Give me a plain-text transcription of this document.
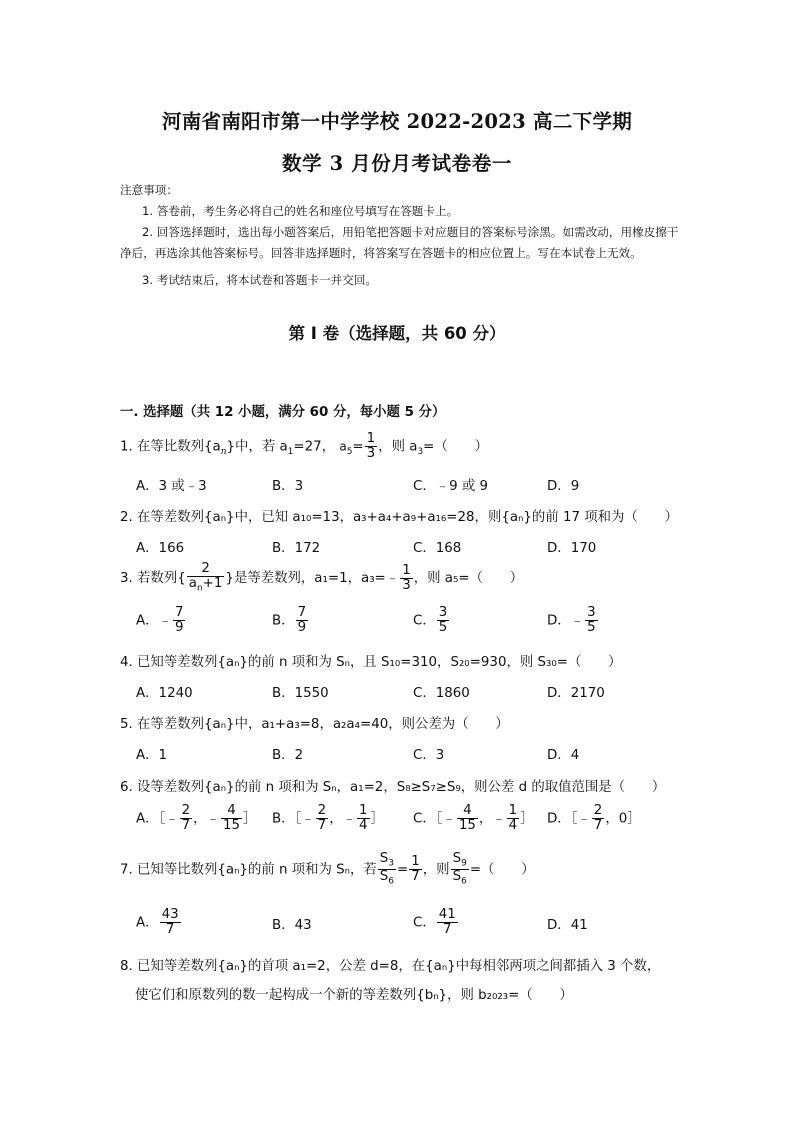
河南省南阳市第一中学学校 2022-2023 高二下学期
数学 3 月份月考试卷卷一
注意事项：
1. 答卷前，考生务必将自己的姓名和座位号填写在答题卡上。
2. 回答选择题时，选出每小题答案后，用铅笔把答题卡对应题目的答案标号涂黑。如需改动，用橡皮擦干净后，再选涂其他答案标号。回答非选择题时，将答案写在答题卡的相应位置上。写在本试卷上无效。
3. 考试结束后，将本试卷和答题卡一并交回。
第 I 卷（选择题，共 60 分）
一. 选择题（共 12 小题，满分 60 分，每小题 5 分）
1. 在等比数列$\{a_n\}$中，若 $a_1=27$， $a_5= \frac{1}{3}$ ，则 $a_3=$（　　）
A．3 或﹣3	B．3	C．﹣9 或 9	D．9
2. 在等差数列{aₙ}中，已知 a₁₀=13，a₃+a₄+a₉+a₁₆=28，则{aₙ}的前 17 项和为（　　）
A．166	B．172	C．168	D．170
3. 若数列{ $\frac{2}{a_n+1}$ }是等差数列，a₁=1，a₃=﹣ $\frac{1}{3}$ ，则 a₅=（　　）
A．﹣ $\frac{7}{9}$	B． $\frac{7}{9}$	C． $\frac{3}{5}$	D．﹣ $\frac{3}{5}$
4. 已知等差数列{aₙ}的前 n 项和为 Sₙ，且 S₁₀=310，S₂₀=930，则 S₃₀=（　　）
A．1240	B．1550	C．1860	D．2170
5. 在等差数列{aₙ}中，a₁+a₃=8，a₂a₄=40，则公差为（　　）
A．1	B．2	C．3	D．4
6. 设等差数列{aₙ}的前 n 项和为 Sₙ，a₁=2，S₈≥S₇≥S₉，则公差 d 的取值范围是（　　）
A．［﹣ $\frac{2}{7}$ ，﹣ $\frac{4}{15}$ ］ B．［﹣ $\frac{2}{7}$ ，﹣ $\frac{1}{4}$ ］ C．［﹣ $\frac{4}{15}$ ，﹣ $\frac{1}{4}$ ］ D．［﹣ $\frac{2}{7}$ ，0］
7. 已知等比数列{aₙ}的前 n 项和为 Sₙ，若 $\frac{S_3}{S_6} = \frac{1}{7}$ ，则 $\frac{S_9}{S_6}$ =（　　）
A． $\frac{43}{7}$	B．43	C． $\frac{41}{7}$	D．41
8. 已知等差数列{aₙ}的首项 a₁=2，公差 d=8，在{aₙ}中每相邻两项之间都插入 3 个数，
使它们和原数列的数一起构成一个新的等差数列{bₙ}，则 b₂₀₂₃=（　　）
